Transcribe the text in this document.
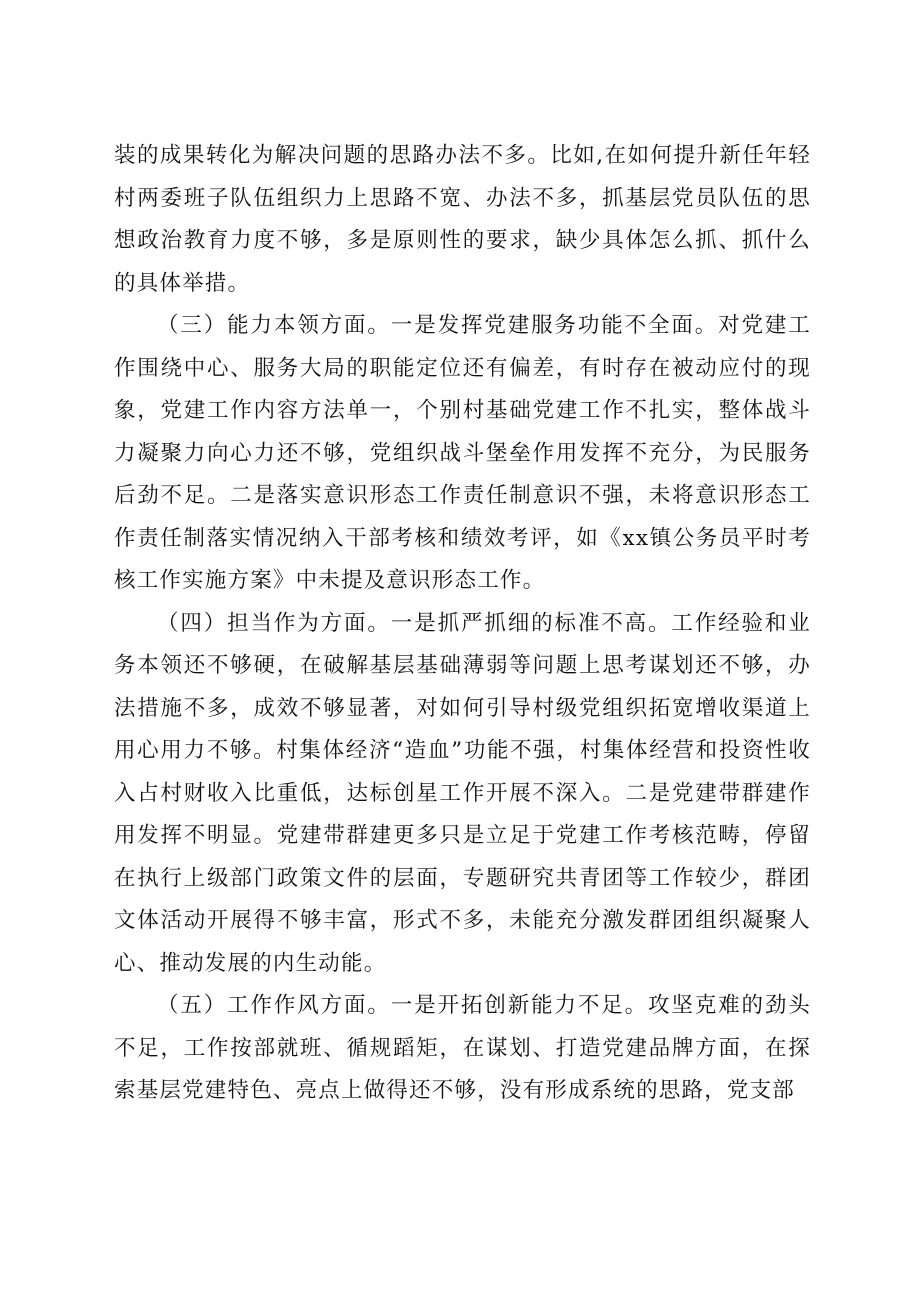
装的成果转化为解决问题的思路办法不多。比如,在如何提升新任年轻村两委班子队伍组织力上思路不宽、办法不多，抓基层党员队伍的思想政治教育力度不够，多是原则性的要求，缺少具体怎么抓、抓什么的具体举措。

（三）能力本领方面。一是发挥党建服务功能不全面。对党建工作围绕中心、服务大局的职能定位还有偏差，有时存在被动应付的现象，党建工作内容方法单一，个别村基础党建工作不扎实，整体战斗力凝聚力向心力还不够，党组织战斗堡垒作用发挥不充分，为民服务后劲不足。二是落实意识形态工作责任制意识不强，未将意识形态工作责任制落实情况纳入干部考核和绩效考评，如《xx镇公务员平时考核工作实施方案》中未提及意识形态工作。

（四）担当作为方面。一是抓严抓细的标准不高。工作经验和业务本领还不够硬，在破解基层基础薄弱等问题上思考谋划还不够，办法措施不多，成效不够显著，对如何引导村级党组织拓宽增收渠道上用心用力不够。村集体经济“造血”功能不强，村集体经营和投资性收入占村财收入比重低，达标创星工作开展不深入。二是党建带群建作用发挥不明显。党建带群建更多只是立足于党建工作考核范畴，停留在执行上级部门政策文件的层面，专题研究共青团等工作较少，群团文体活动开展得不够丰富，形式不多，未能充分激发群团组织凝聚人心、推动发展的内生动能。

（五）工作作风方面。一是开拓创新能力不足。攻坚克难的劲头不足，工作按部就班、循规蹈矩，在谋划、打造党建品牌方面，在探索基层党建特色、亮点上做得还不够，没有形成系统的思路，党支部
